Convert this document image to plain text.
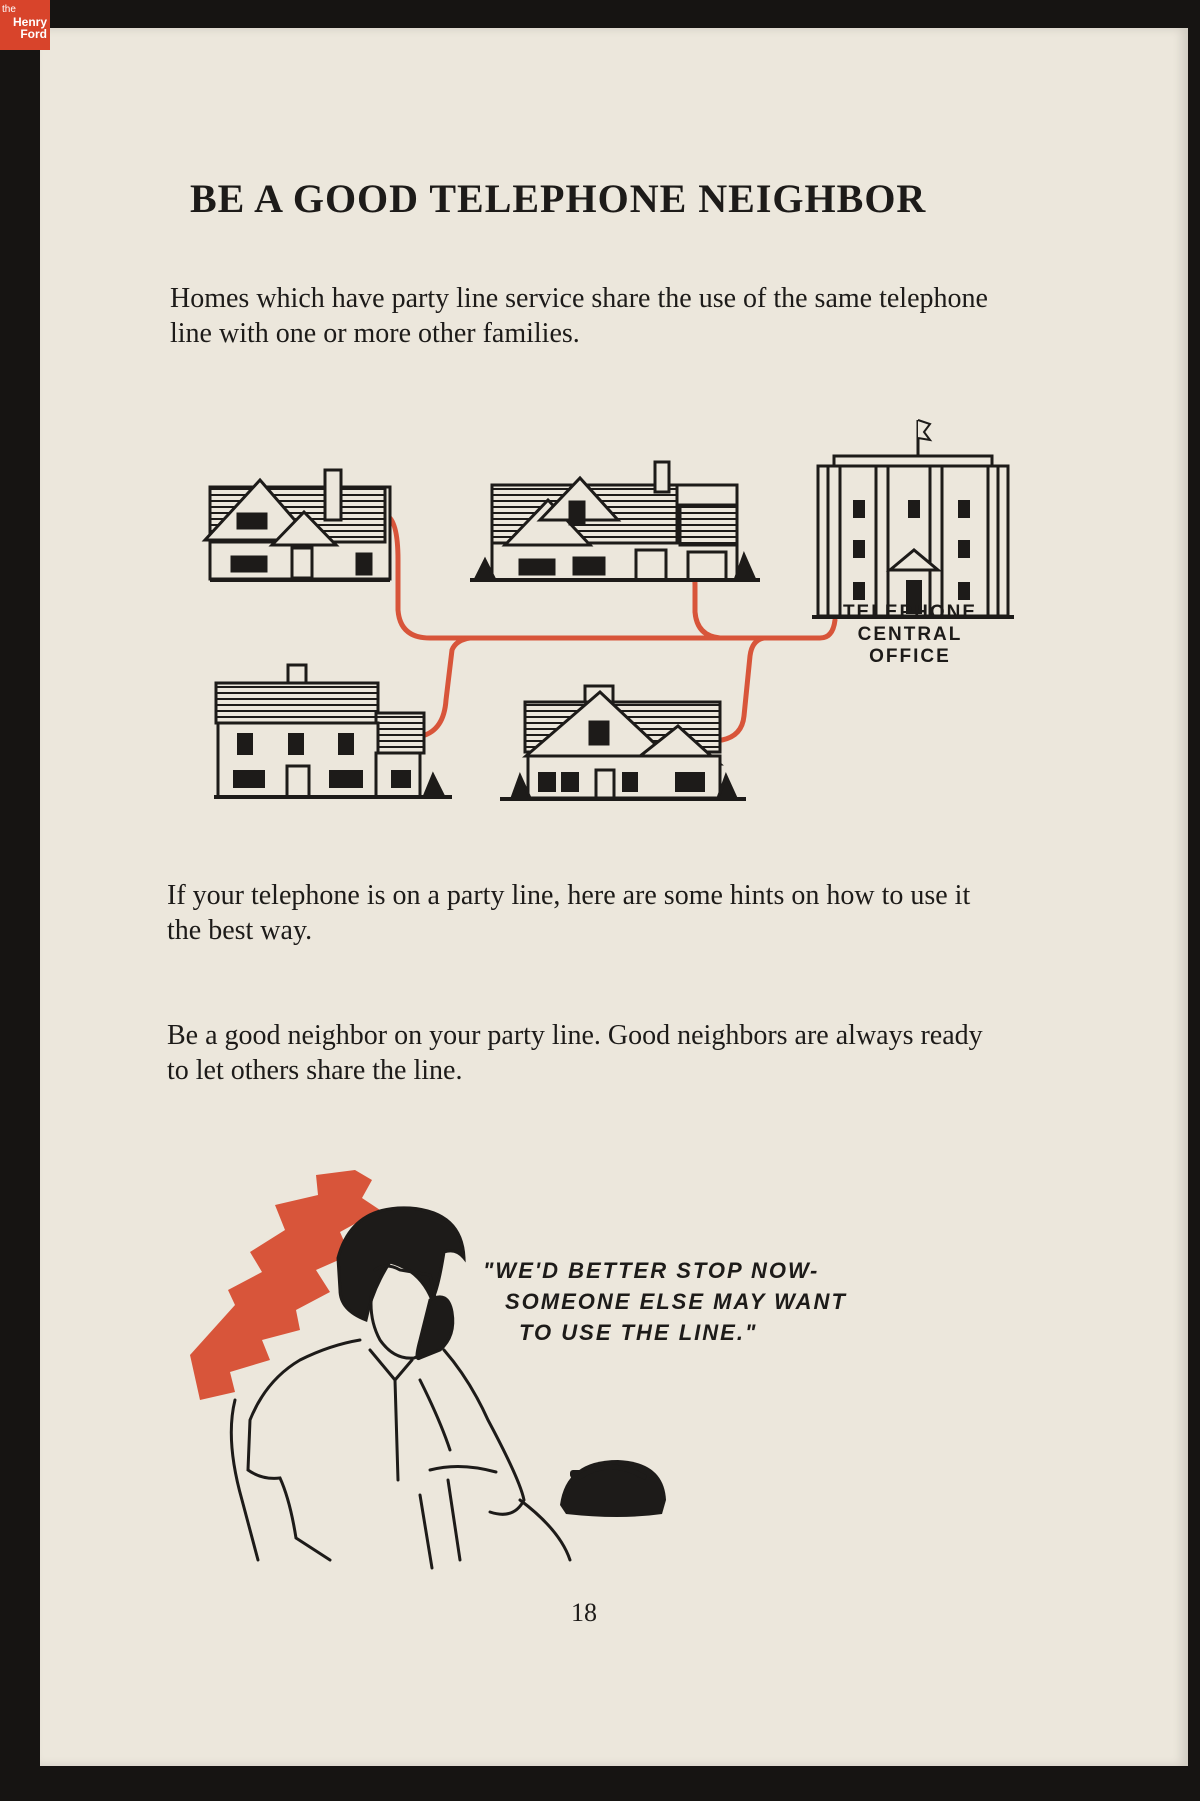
the
Henry
Ford
BE A GOOD TELEPHONE NEIGHBOR

Homes which have party line service share the use of the same telephone line with one or more other families.

TELEPHONE
CENTRAL
OFFICE

If your telephone is on a party line, here are some hints on how to use it the best way.

Be a good neighbor on your party line. Good neighbors are always ready to let others share the line.

"WE'D BETTER STOP NOW-
SOMEONE ELSE MAY WANT
TO USE THE LINE."
18
